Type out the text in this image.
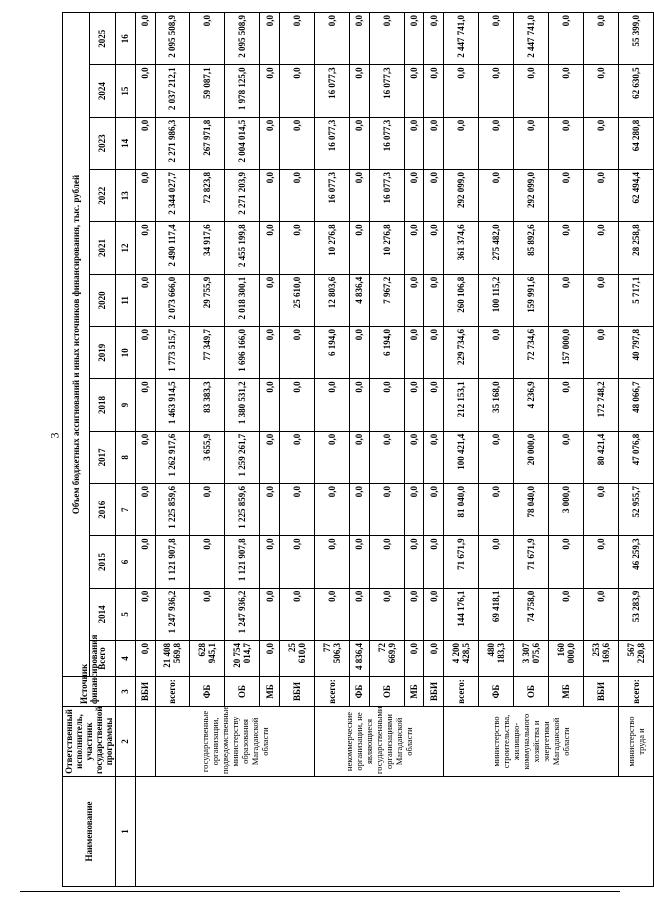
3
Наименование	Ответственный исполнитель, участник государственной программы	Источник финансирования	Объем бюджетных ассигнований и иных источников финансирования, тыс. рублей												
			Всего	2014	2015	2016	2017	2018	2019	2020	2021	2022	2023	2024	2025
1	2	3	4	5	6	7	8	9	10	11	12	13	14	15	16
		ВБИ	0,0	0,0	0,0	0,0	0,0	0,0	0,0	0,0	0,0	0,0	0,0	0,0	0,0
	государственные организации, подведомственные министерству образования Магаданской области	всего:	21 408 569,8	1 247 936,2	1 121 907,8	1 225 859,6	1 262 917,6	1 463 914,5	1 773 515,7	2 073 666,0	2 490 117,4	2 344 027,7	2 271 986,3	2 037 212,1	2 095 508,9
		ФБ	628 945,1	0,0	0,0	0,0	3 655,9	83 383,3	77 349,7	29 755,9	34 917,6	72 823,8	267 971,8	59 087,1	0,0
		ОБ	20 754 014,7	1 247 936,2	1 121 907,8	1 225 859,6	1 259 261,7	1 380 531,2	1 696 166,0	2 018 300,1	2 455 199,8	2 271 203,9	2 004 014,5	1 978 125,0	2 095 508,9
		МБ	0,0	0,0	0,0	0,0	0,0	0,0	0,0	0,0	0,0	0,0	0,0	0,0	0,0
		ВБИ	25 610,0	0,0	0,0	0,0	0,0	0,0	0,0	25 610,0	0,0	0,0	0,0	0,0	0,0
	некоммерческие организации, не являющиеся государственными организациями Магаданской области	всего:	77 506,3	0,0	0,0	0,0	0,0	0,0	6 194,0	12 803,6	10 276,8	16 077,3	16 077,3	16 077,3	0,0
		ФБ	4 836,4	0,0	0,0	0,0	0,0	0,0	0,0	4 836,4	0,0	0,0	0,0	0,0	0,0
		ОБ	72 669,9	0,0	0,0	0,0	0,0	0,0	6 194,0	7 967,2	10 276,8	16 077,3	16 077,3	16 077,3	0,0
		МБ	0,0	0,0	0,0	0,0	0,0	0,0	0,0	0,0	0,0	0,0	0,0	0,0	0,0
		ВБИ	0,0	0,0	0,0	0,0	0,0	0,0	0,0	0,0	0,0	0,0	0,0	0,0	0,0
	министерство строительства, жилищно-коммунального хозяйства и энергетики Магаданской области	всего:	4 200 428,5	144 176,1	71 671,9	81 040,0	100 421,4	212 153,1	229 734,6	260 106,8	361 374,6	292 099,0	0,0	0,0	2 447 741,0
		ФБ	480 183,3	69 418,1	0,0	0,0	0,0	35 168,0	0,0	100 115,2	275 482,0	0,0	0,0	0,0	0,0
		ОБ	3 307 075,6	74 758,0	71 671,9	78 040,0	20 000,0	4 236,9	72 734,6	159 991,6	85 892,6	292 099,0	0,0	0,0	2 447 741,0
		МБ	160 000,0	0,0	0,0	3 000,0	0,0	0,0	157 000,0	0,0	0,0	0,0	0,0	0,0	0,0
		ВБИ	253 169,6	0,0	0,0	0,0	80 421,4	172 748,2	0,0	0,0	0,0	0,0	0,0	0,0	0,0
	министерство труда и	всего:	567 220,8	53 283,9	46 259,3	52 955,7	47 076,8	48 066,7	40 797,8	5 717,1	28 258,8	62 494,4	64 280,8	62 630,5	55 399,0
